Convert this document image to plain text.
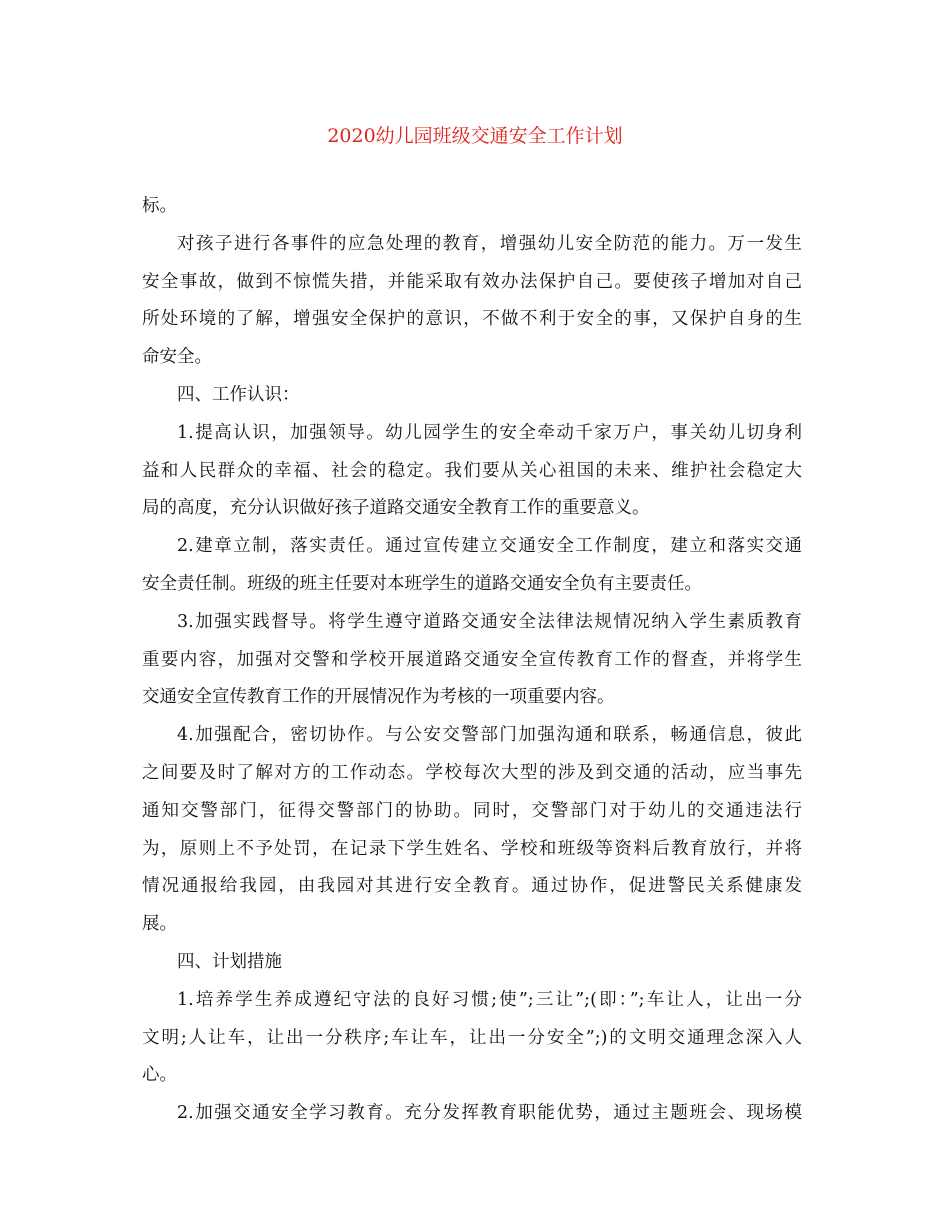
2020幼儿园班级交通安全工作计划
标。
对孩子进行各事件的应急处理的教育，增强幼儿安全防范的能力。万一发生
安全事故，做到不惊慌失措，并能采取有效办法保护自己。要使孩子增加对自己
所处环境的了解，增强安全保护的意识，不做不利于安全的事，又保护自身的生
命安全。
四、工作认识：
1.提高认识，加强领导。幼儿园学生的安全牵动千家万户，事关幼儿切身利
益和人民群众的幸福、社会的稳定。我们要从关心祖国的未来、维护社会稳定大
局的高度，充分认识做好孩子道路交通安全教育工作的重要意义。
2.建章立制，落实责任。通过宣传建立交通安全工作制度，建立和落实交通
安全责任制。班级的班主任要对本班学生的道路交通安全负有主要责任。
3.加强实践督导。将学生遵守道路交通安全法律法规情况纳入学生素质教育
重要内容，加强对交警和学校开展道路交通安全宣传教育工作的督查，并将学生
交通安全宣传教育工作的开展情况作为考核的一项重要内容。
4.加强配合，密切协作。与公安交警部门加强沟通和联系，畅通信息，彼此
之间要及时了解对方的工作动态。学校每次大型的涉及到交通的活动，应当事先
通知交警部门，征得交警部门的协助。同时，交警部门对于幼儿的交通违法行
为，原则上不予处罚，在记录下学生姓名、学校和班级等资料后教育放行，并将
情况通报给我园，由我园对其进行安全教育。通过协作，促进警民关系健康发
展。
四、计划措施
1.培养学生养成遵纪守法的良好习惯;使”;三让”;(即：”;车让人，让出一分
文明;人让车，让出一分秩序;车让车，让出一分安全”;)的文明交通理念深入人
心。
2.加强交通安全学习教育。充分发挥教育职能优势，通过主题班会、现场模
